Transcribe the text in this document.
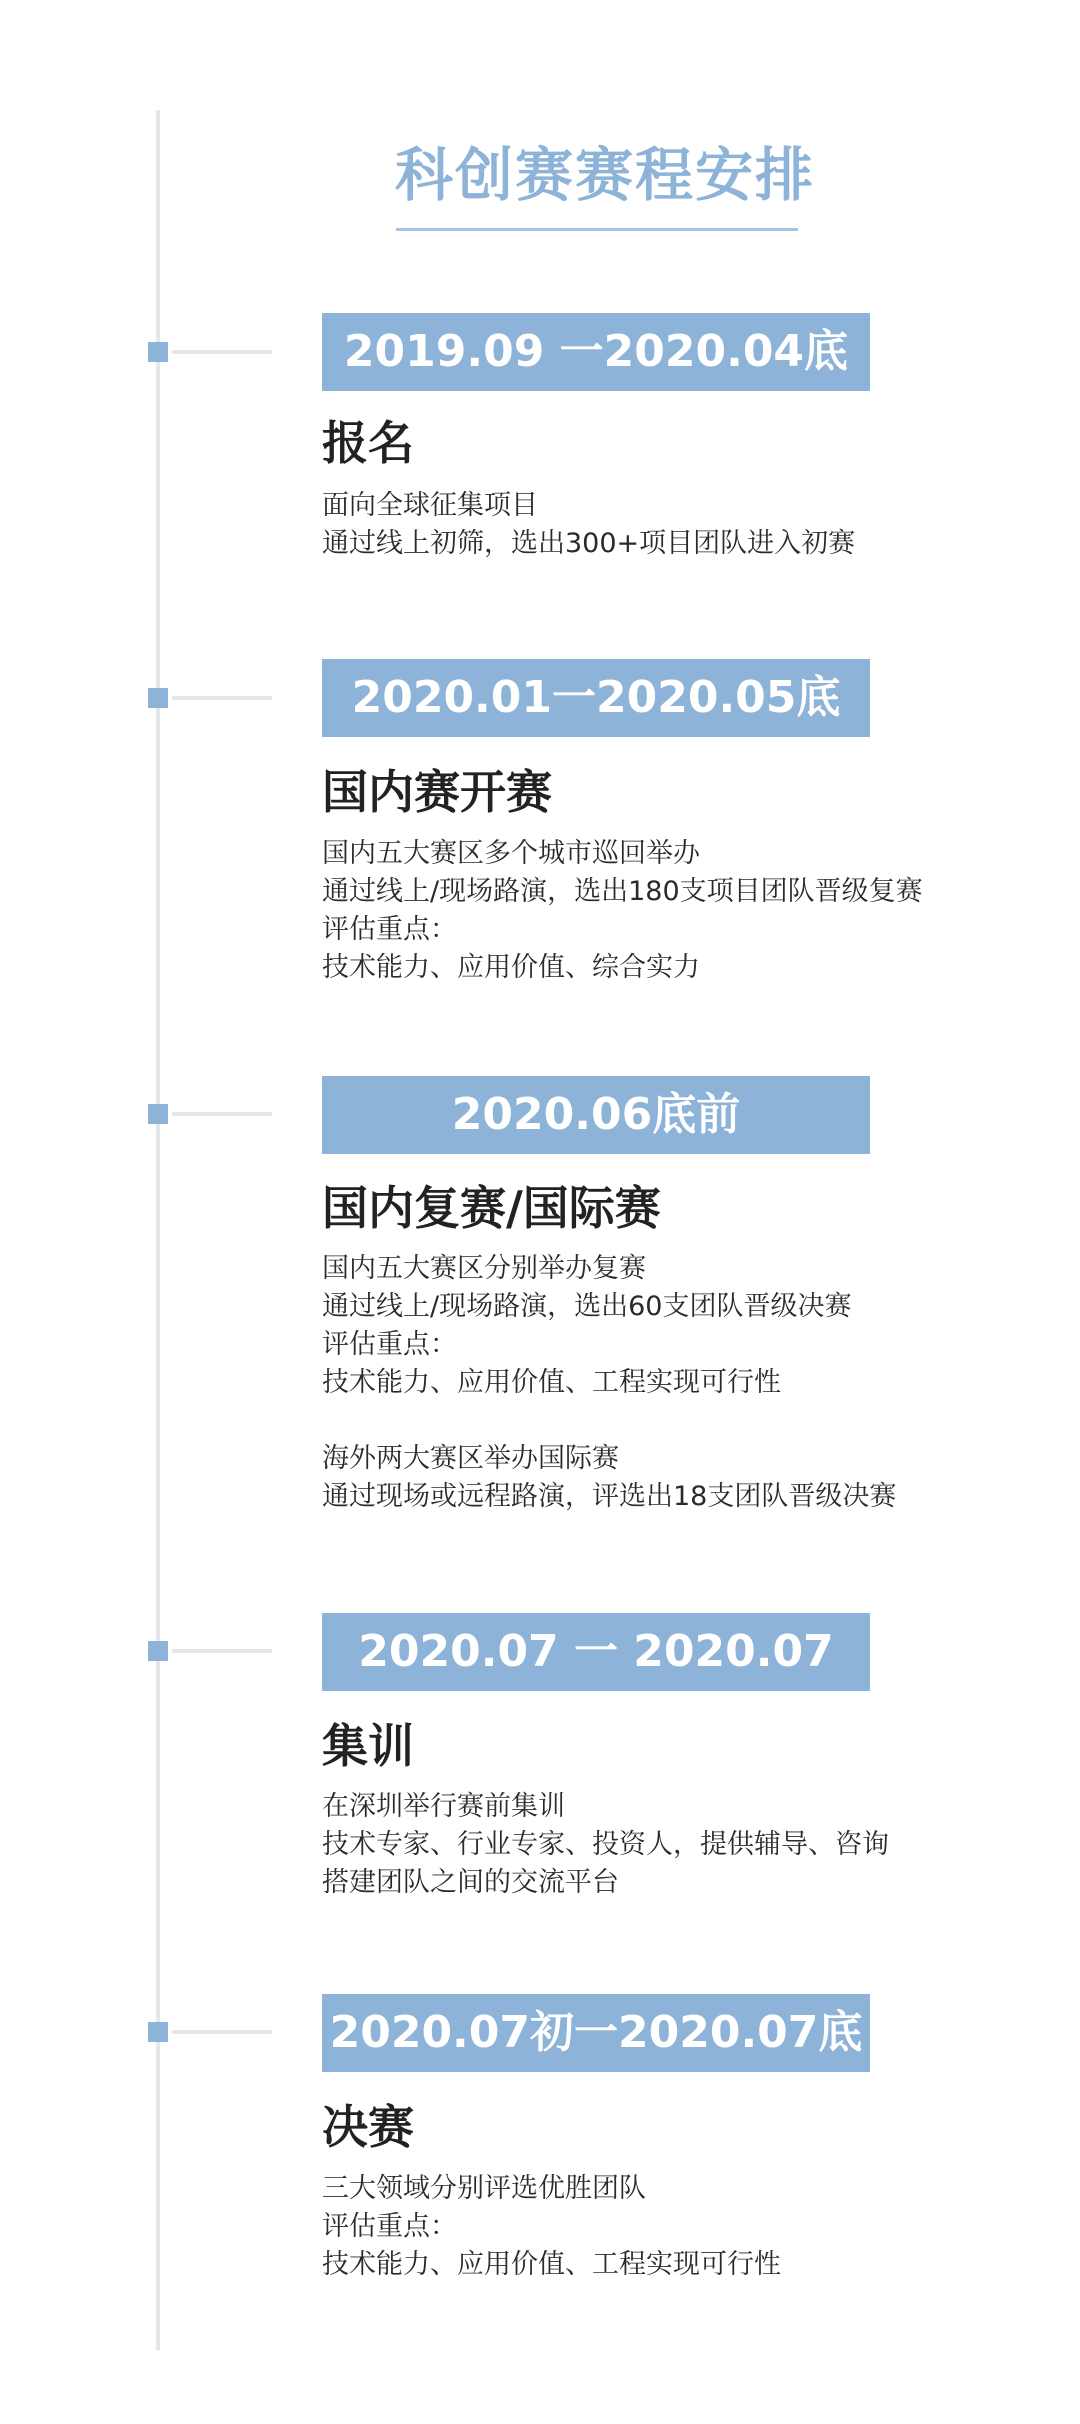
科创赛赛程安排
2019.09 一2020.04底
报名
面向全球征集项目
通过线上初筛，选出300+项目团队进入初赛
2020.01一2020.05底
国内赛开赛
国内五大赛区多个城市巡回举办
通过线上/现场路演，选出180支项目团队晋级复赛
评估重点：
技术能力、应用价值、综合实力
2020.06底前
国内复赛/国际赛
国内五大赛区分别举办复赛
通过线上/现场路演，选出60支团队晋级决赛
评估重点：
技术能力、应用价值、工程实现可行性
海外两大赛区举办国际赛
通过现场或远程路演，评选出18支团队晋级决赛
2020.07 一 2020.07
集训
在深圳举行赛前集训
技术专家、行业专家、投资人，提供辅导、咨询
搭建团队之间的交流平台
2020.07初一2020.07底
决赛
三大领域分别评选优胜团队
评估重点：
技术能力、应用价值、工程实现可行性
